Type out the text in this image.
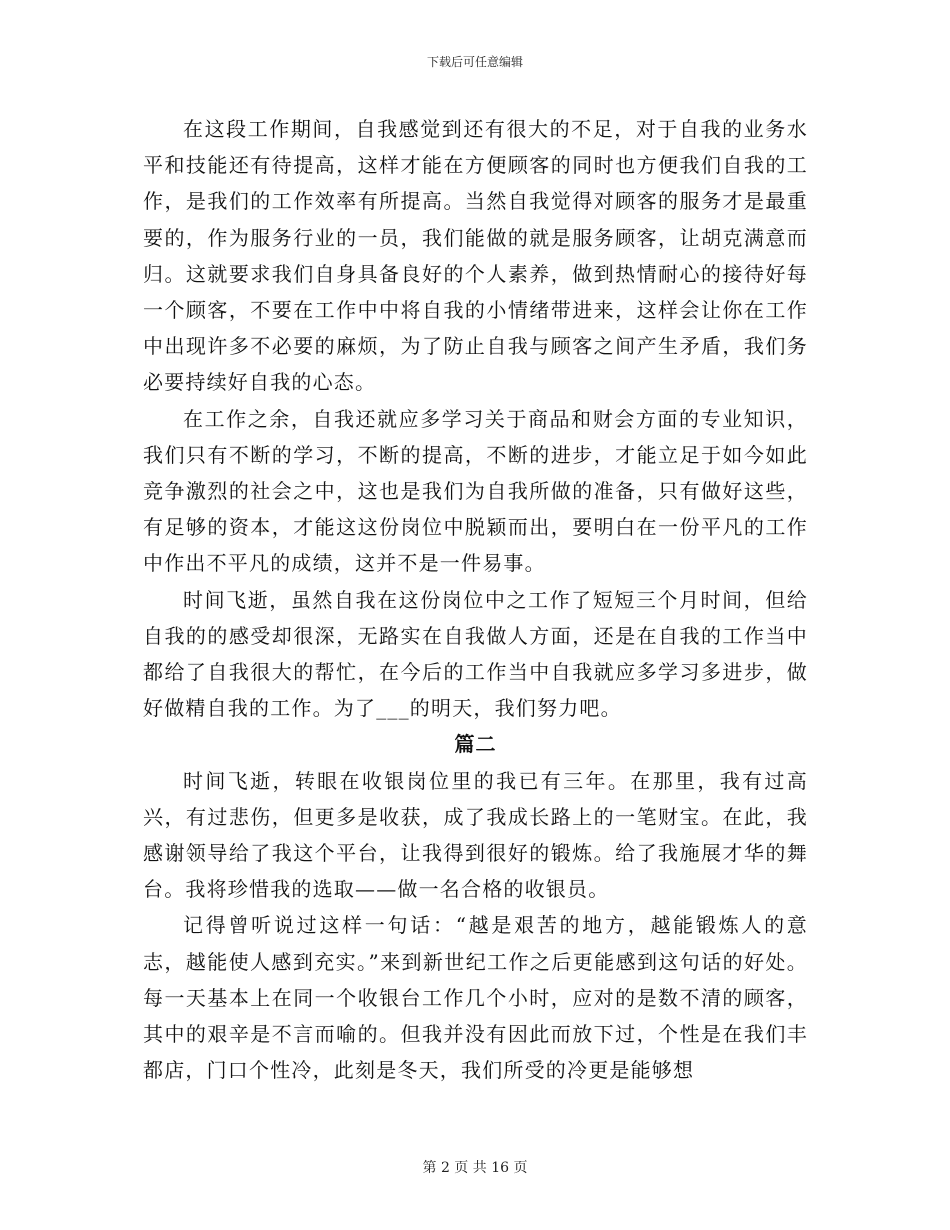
下载后可任意编辑

在这段工作期间，自我感觉到还有很大的不足，对于自我的业务水平和技能还有待提高，这样才能在方便顾客的同时也方便我们自我的工作，是我们的工作效率有所提高。当然自我觉得对顾客的服务才是最重要的，作为服务行业的一员，我们能做的就是服务顾客，让胡克满意而归。这就要求我们自身具备良好的个人素养，做到热情耐心的接待好每一个顾客，不要在工作中中将自我的小情绪带进来，这样会让你在工作中出现许多不必要的麻烦，为了防止自我与顾客之间产生矛盾，我们务必要持续好自我的心态。

在工作之余，自我还就应多学习关于商品和财会方面的专业知识，我们只有不断的学习，不断的提高，不断的进步，才能立足于如今如此竞争激烈的社会之中，这也是我们为自我所做的准备，只有做好这些，有足够的资本，才能这这份岗位中脱颖而出，要明白在一份平凡的工作中作出不平凡的成绩，这并不是一件易事。

时间飞逝，虽然自我在这份岗位中之工作了短短三个月时间，但给自我的的感受却很深，无路实在自我做人方面，还是在自我的工作当中都给了自我很大的帮忙，在今后的工作当中自我就应多学习多进步，做好做精自我的工作。为了___的明天，我们努力吧。

篇二

时间飞逝，转眼在收银岗位里的我已有三年。在那里，我有过高兴，有过悲伤，但更多是收获，成了我成长路上的一笔财宝。在此，我感谢领导给了我这个平台，让我得到很好的锻炼。给了我施展才华的舞台。我将珍惜我的选取——做一名合格的收银员。

记得曾听说过这样一句话：“越是艰苦的地方，越能锻炼人的意志，越能使人感到充实。”来到新世纪工作之后更能感到这句话的好处。每一天基本上在同一个收银台工作几个小时，应对的是数不清的顾客，其中的艰辛是不言而喻的。但我并没有因此而放下过，个性是在我们丰都店，门口个性冷，此刻是冬天，我们所受的冷更是能够想

第 2 页 共 16 页
